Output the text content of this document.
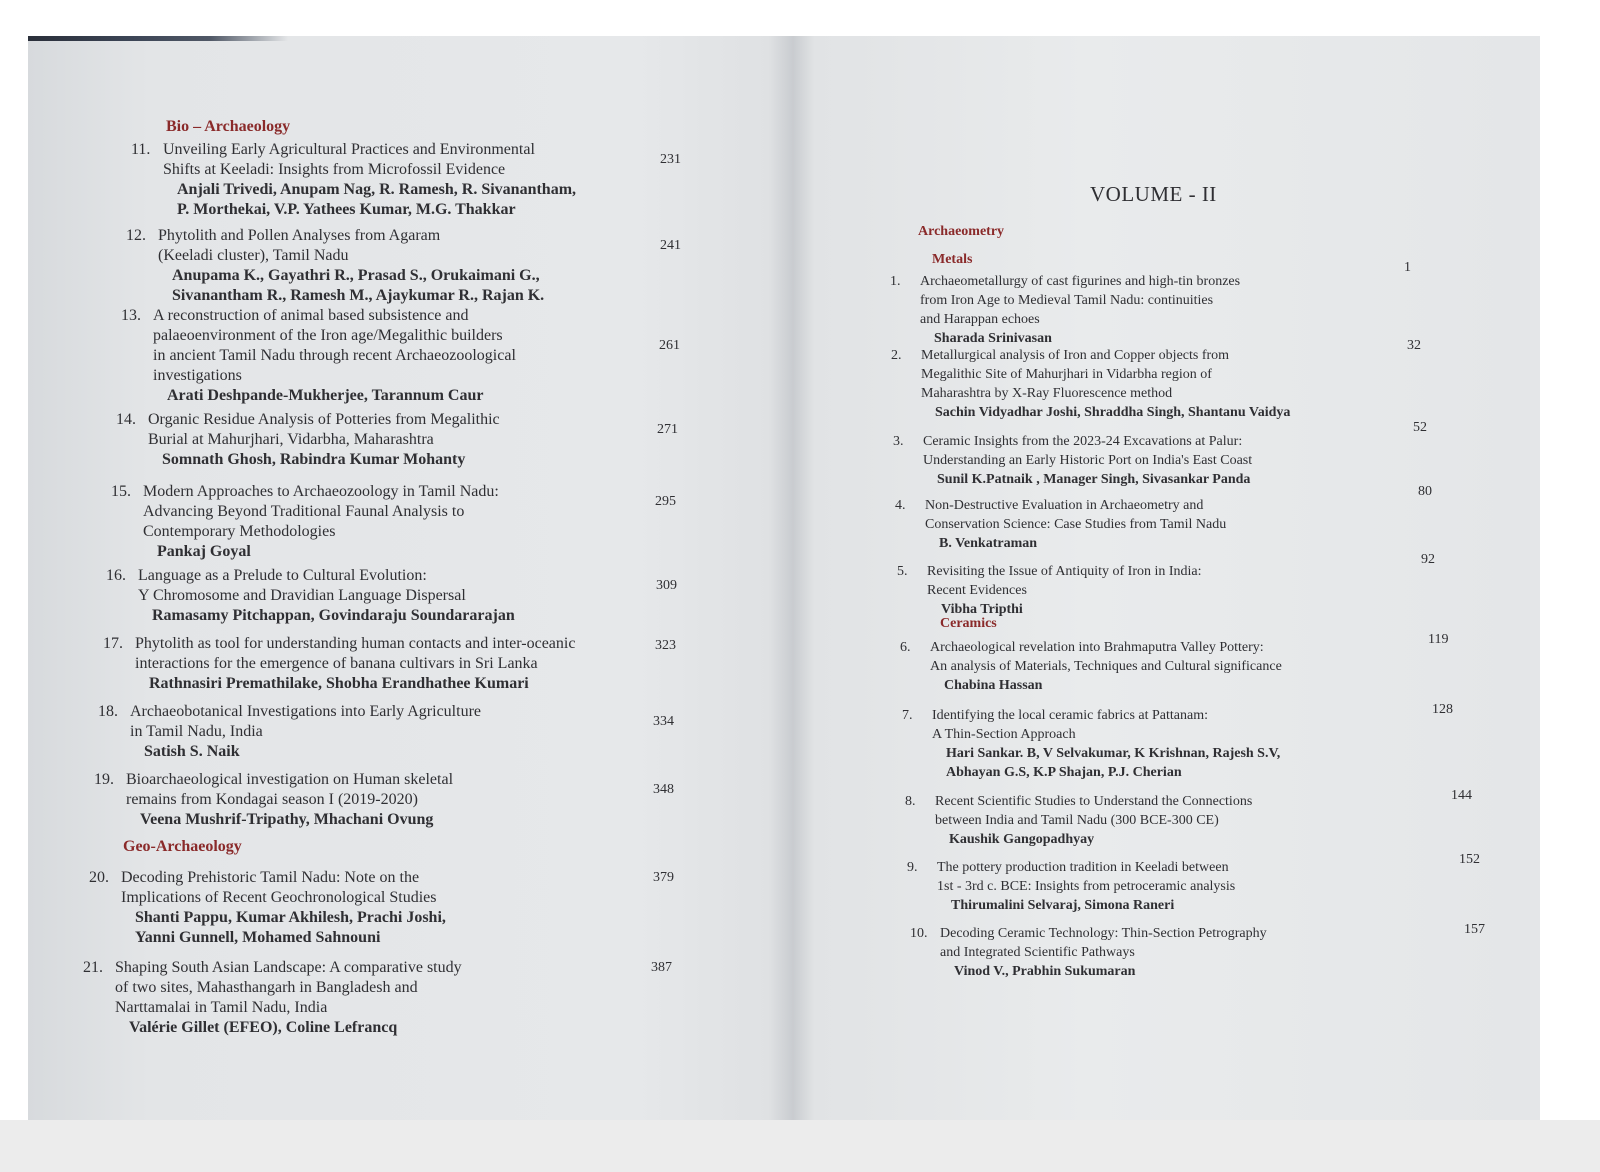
Bio – Archaeology
11. Unveiling Early Agricultural Practices and Environmental
Shifts at Keeladi: Insights from Microfossil Evidence
Anjali Trivedi, Anupam Nag, R. Ramesh, R. Sivanantham,
P. Morthekai, V.P. Yathees Kumar, M.G. Thakkar
231
12. Phytolith and Pollen Analyses from Agaram
(Keeladi cluster), Tamil Nadu
Anupama K., Gayathri R., Prasad S., Orukaimani G.,
Sivanantham R., Ramesh M., Ajaykumar R., Rajan K.
241
13. A reconstruction of animal based subsistence and
palaeoenvironment of the Iron age/Megalithic builders
in ancient Tamil Nadu through recent Archaeozoological
investigations
Arati Deshpande-Mukherjee, Tarannum Caur
261
14. Organic Residue Analysis of Potteries from Megalithic
Burial at Mahurjhari, Vidarbha, Maharashtra
Somnath Ghosh, Rabindra Kumar Mohanty
271
15. Modern Approaches to Archaeozoology in Tamil Nadu:
Advancing Beyond Traditional Faunal Analysis to
Contemporary Methodologies
Pankaj Goyal
295
16. Language as a Prelude to Cultural Evolution:
Y Chromosome and Dravidian Language Dispersal
Ramasamy Pitchappan, Govindaraju Soundararajan
309
17. Phytolith as tool for understanding human contacts and inter-oceanic
interactions for the emergence of banana cultivars in Sri Lanka
Rathnasiri Premathilake, Shobha Erandhathee Kumari
323
18. Archaeobotanical Investigations into Early Agriculture
in Tamil Nadu, India
Satish S. Naik
334
19. Bioarchaeological investigation on Human skeletal
remains from Kondagai season I (2019-2020)
Veena Mushrif-Tripathy, Mhachani Ovung
348
Geo-Archaeology
20. Decoding Prehistoric Tamil Nadu: Note on the
Implications of Recent Geochronological Studies
Shanti Pappu, Kumar Akhilesh, Prachi Joshi,
Yanni Gunnell, Mohamed Sahnouni
379
21. Shaping South Asian Landscape: A comparative study
of two sites, Mahasthangarh in Bangladesh and
Narttamalai in Tamil Nadu, India
Valérie Gillet (EFEO), Coline Lefrancq
387
VOLUME - II
Archaeometry
Metals
1. Archaeometallurgy of cast figurines and high-tin bronzes
from Iron Age to Medieval Tamil Nadu: continuities
and Harappan echoes
Sharada Srinivasan
1
2. Metallurgical analysis of Iron and Copper objects from
Megalithic Site of Mahurjhari in Vidarbha region of
Maharashtra by X-Ray Fluorescence method
Sachin Vidyadhar Joshi, Shraddha Singh, Shantanu Vaidya
32
3. Ceramic Insights from the 2023-24 Excavations at Palur:
Understanding an Early Historic Port on India's East Coast
Sunil K.Patnaik , Manager Singh, Sivasankar Panda
52
4. Non-Destructive Evaluation in Archaeometry and
Conservation Science: Case Studies from Tamil Nadu
B. Venkatraman
80
5. Revisiting the Issue of Antiquity of Iron in India:
Recent Evidences
Vibha Tripthi
92
Ceramics
6. Archaeological revelation into Brahmaputra Valley Pottery:
An analysis of Materials, Techniques and Cultural significance
Chabina Hassan
119
7. Identifying the local ceramic fabrics at Pattanam:
A Thin-Section Approach
Hari Sankar. B, V Selvakumar, K Krishnan, Rajesh S.V,
Abhayan G.S, K.P Shajan, P.J. Cherian
128
8. Recent Scientific Studies to Understand the Connections
between India and Tamil Nadu (300 BCE-300 CE)
Kaushik Gangopadhyay
144
9. The pottery production tradition in Keeladi between
1st - 3rd c. BCE: Insights from petroceramic analysis
Thirumalini Selvaraj, Simona Raneri
152
10. Decoding Ceramic Technology: Thin-Section Petrography
and Integrated Scientific Pathways
Vinod V., Prabhin Sukumaran
157
